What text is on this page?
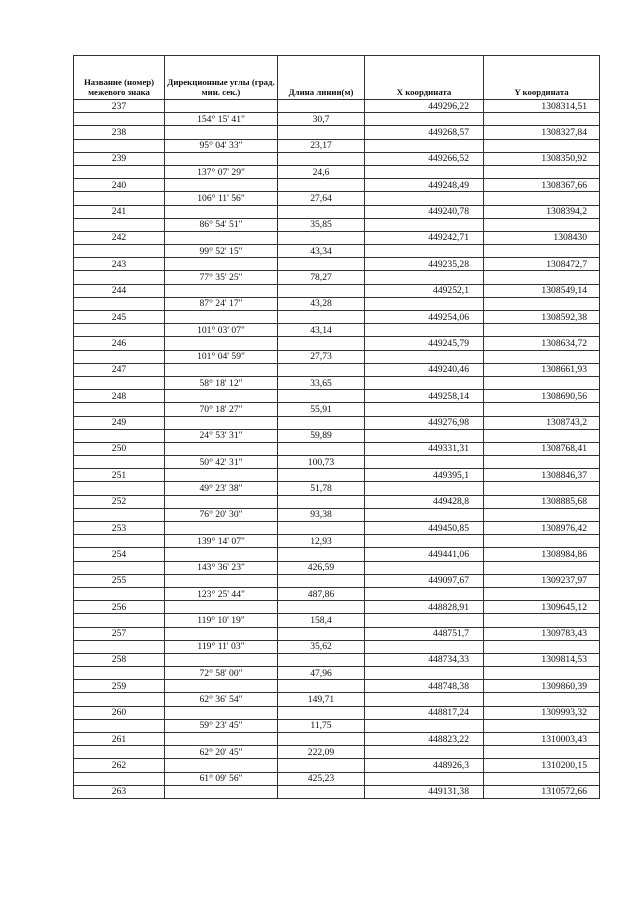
Название (номер) межевого знака	Дирекционные углы (град. мин. сек.)	Длина линии(м)	X координата	Y координата
237			449296,22	1308314,51
	154° 15' 41"	30,7		
238			449268,57	1308327,84
	95° 04' 33"	23,17		
239			449266,52	1308350,92
	137° 07' 29"	24,6		
240			449248,49	1308367,66
	106° 11' 56"	27,64		
241			449240,78	1308394,2
	86° 54' 51"	35,85		
242			449242,71	1308430
	99° 52' 15"	43,34		
243			449235,28	1308472,7
	77° 35' 25"	78,27		
244			449252,1	1308549,14
	87° 24' 17"	43,28		
245			449254,06	1308592,38
	101° 03' 07"	43,14		
246			449245,79	1308634,72
	101° 04' 59"	27,73		
247			449240,46	1308661,93
	58° 18' 12"	33,65		
248			449258,14	1308690,56
	70° 18' 27"	55,91		
249			449276,98	1308743,2
	24° 53' 31"	59,89		
250			449331,31	1308768,41
	50° 42' 31"	100,73		
251			449395,1	1308846,37
	49° 23' 38"	51,78		
252			449428,8	1308885,68
	76° 20' 30"	93,38		
253			449450,85	1308976,42
	139° 14' 07"	12,93		
254			449441,06	1308984,86
	143° 36' 23"	426,59		
255			449097,67	1309237,97
	123° 25' 44"	487,86		
256			448828,91	1309645,12
	119° 10' 19"	158,4		
257			448751,7	1309783,43
	119° 11' 03"	35,62		
258			448734,33	1309814,53
	72° 58' 00"	47,96		
259			448748,38	1309860,39
	62° 36' 54"	149,71		
260			448817,24	1309993,32
	59° 23' 45"	11,75		
261			448823,22	1310003,43
	62° 20' 45"	222,09		
262			448926,3	1310200,15
	61° 09' 56"	425,23		
263			449131,38	1310572,66
